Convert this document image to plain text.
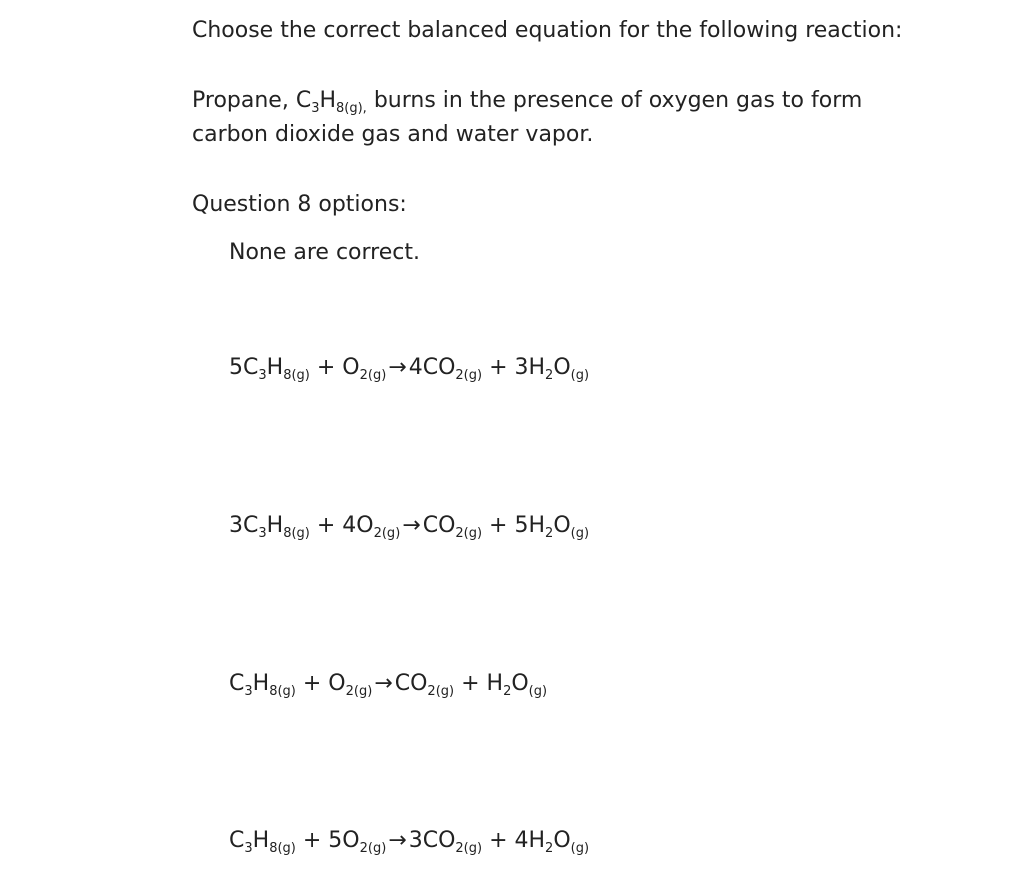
Choose the correct balanced equation for the following reaction:
Propane, $C_3H_{8(g),}$ burns in the presence of oxygen gas to form carbon dioxide gas and water vapor.
Question 8 options:
None are correct.
$5C_3H_{8(g)} + O_{2(g)}\to 4CO_{2(g)} + 3H_2O_{(g)}$
$3C_3H_{8(g)} + 4O_{2(g)}\to CO_{2(g)} + 5H_2O_{(g)}$
$C_3H_{8(g)} + O_{2(g)}\to CO_{2(g)} + H_2O_{(g)}$
$C_3H_{8(g)} + 5O_{2(g)}\to 3CO_{2(g)} + 4H_2O_{(g)}$
